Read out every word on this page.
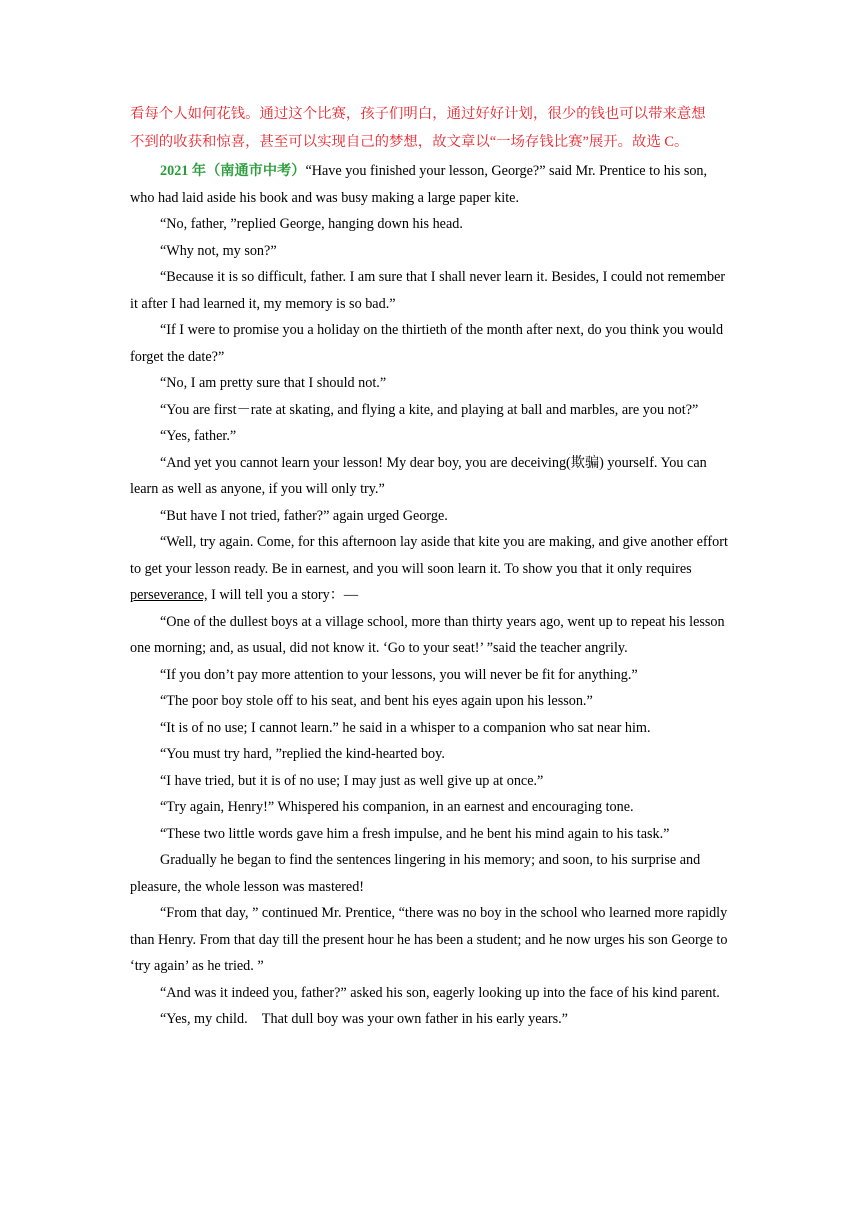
看每个人如何花钱。通过这个比赛，孩子们明白，通过好好计划，很少的钱也可以带来意想
不到的收获和惊喜，甚至可以实现自己的梦想，故文章以“一场存钱比赛”展开。故选 C。

2021 年（南通市中考）“Have you finished your lesson, George?” said Mr. Prentice to his son, who had laid aside his book and was busy making a large paper kite.

“No, father, ”replied George, hanging down his head.

“Why not, my son?”

“Because it is so difficult, father. I am sure that I shall never learn it. Besides, I could not remember it after I had learned it, my memory is so bad.”

“If I were to promise you a holiday on the thirtieth of the month after next, do you think you would forget the date?”

“No, I am pretty sure that I should not.”

“You are first－rate at skating, and flying a kite, and playing at ball and marbles, are you not?”

“Yes, father.”

“And yet you cannot learn your lesson! My dear boy, you are deceiving(欺骗) yourself. You can learn as well as anyone, if you will only try.”

“But have I not tried, father?” again urged George.

“Well, try again. Come, for this afternoon lay aside that kite you are making, and give another effort to get your lesson ready. Be in earnest, and you will soon learn it. To show you that it only requires perseverance, I will tell you a story：—

“One of the dullest boys at a village school, more than thirty years ago, went up to repeat his lesson one morning; and, as usual, did not know it. ‘Go to your seat!’ ”said the teacher angrily.

“If you don’t pay more attention to your lessons, you will never be fit for anything.”

“The poor boy stole off to his seat, and bent his eyes again upon his lesson.”

“It is of no use; I cannot learn.” he said in a whisper to a companion who sat near him.

“You must try hard, ”replied the kind-hearted boy.

“I have tried, but it is of no use; I may just as well give up at once.”

“Try again, Henry!” Whispered his companion, in an earnest and encouraging tone.

“These two little words gave him a fresh impulse, and he bent his mind again to his task.”

Gradually he began to find the sentences lingering in his memory; and soon, to his surprise and pleasure, the whole lesson was mastered!

“From that day, ” continued Mr. Prentice, “there was no boy in the school who learned more rapidly than Henry. From that day till the present hour he has been a student; and he now urges his son George to ‘try again’ as he tried. ”

“And was it indeed you, father?” asked his son, eagerly looking up into the face of his kind parent.

“Yes, my child.　That dull boy was your own father in his early years.”
